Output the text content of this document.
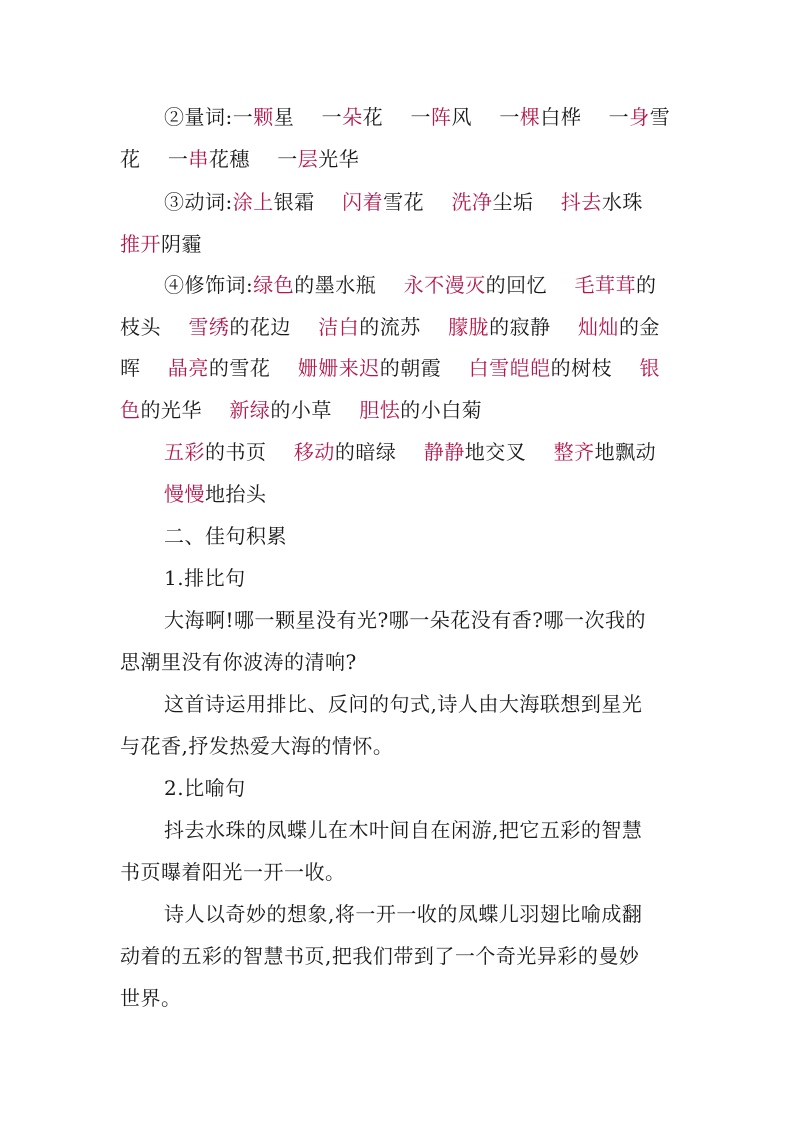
②量词:一颗星　 一朵花　 一阵风　 一棵白桦　 一身雪
花　 一串花穗　 一层光华
③动词:涂上银霜　 闪着雪花　 洗净尘垢　 抖去水珠
推开阴霾
④修饰词:绿色的墨水瓶　 永不漫灭的回忆　 毛茸茸的
枝头　 雪绣的花边　 洁白的流苏　 朦胧的寂静　 灿灿的金
晖　 晶亮的雪花　 姗姗来迟的朝霞　 白雪皑皑的树枝　 银
色的光华　 新绿的小草　 胆怯的小白菊
五彩的书页　 移动的暗绿　 静静地交叉　 整齐地飘动
慢慢地抬头
二、佳句积累
1.排比句
大海啊!哪一颗星没有光?哪一朵花没有香?哪一次我的
思潮里没有你波涛的清响?
这首诗运用排比、反问的句式,诗人由大海联想到星光
与花香,抒发热爱大海的情怀。
2.比喻句
抖去水珠的凤蝶儿在木叶间自在闲游,把它五彩的智慧
书页曝着阳光一开一收。
诗人以奇妙的想象,将一开一收的凤蝶儿羽翅比喻成翻
动着的五彩的智慧书页,把我们带到了一个奇光异彩的曼妙
世界。
